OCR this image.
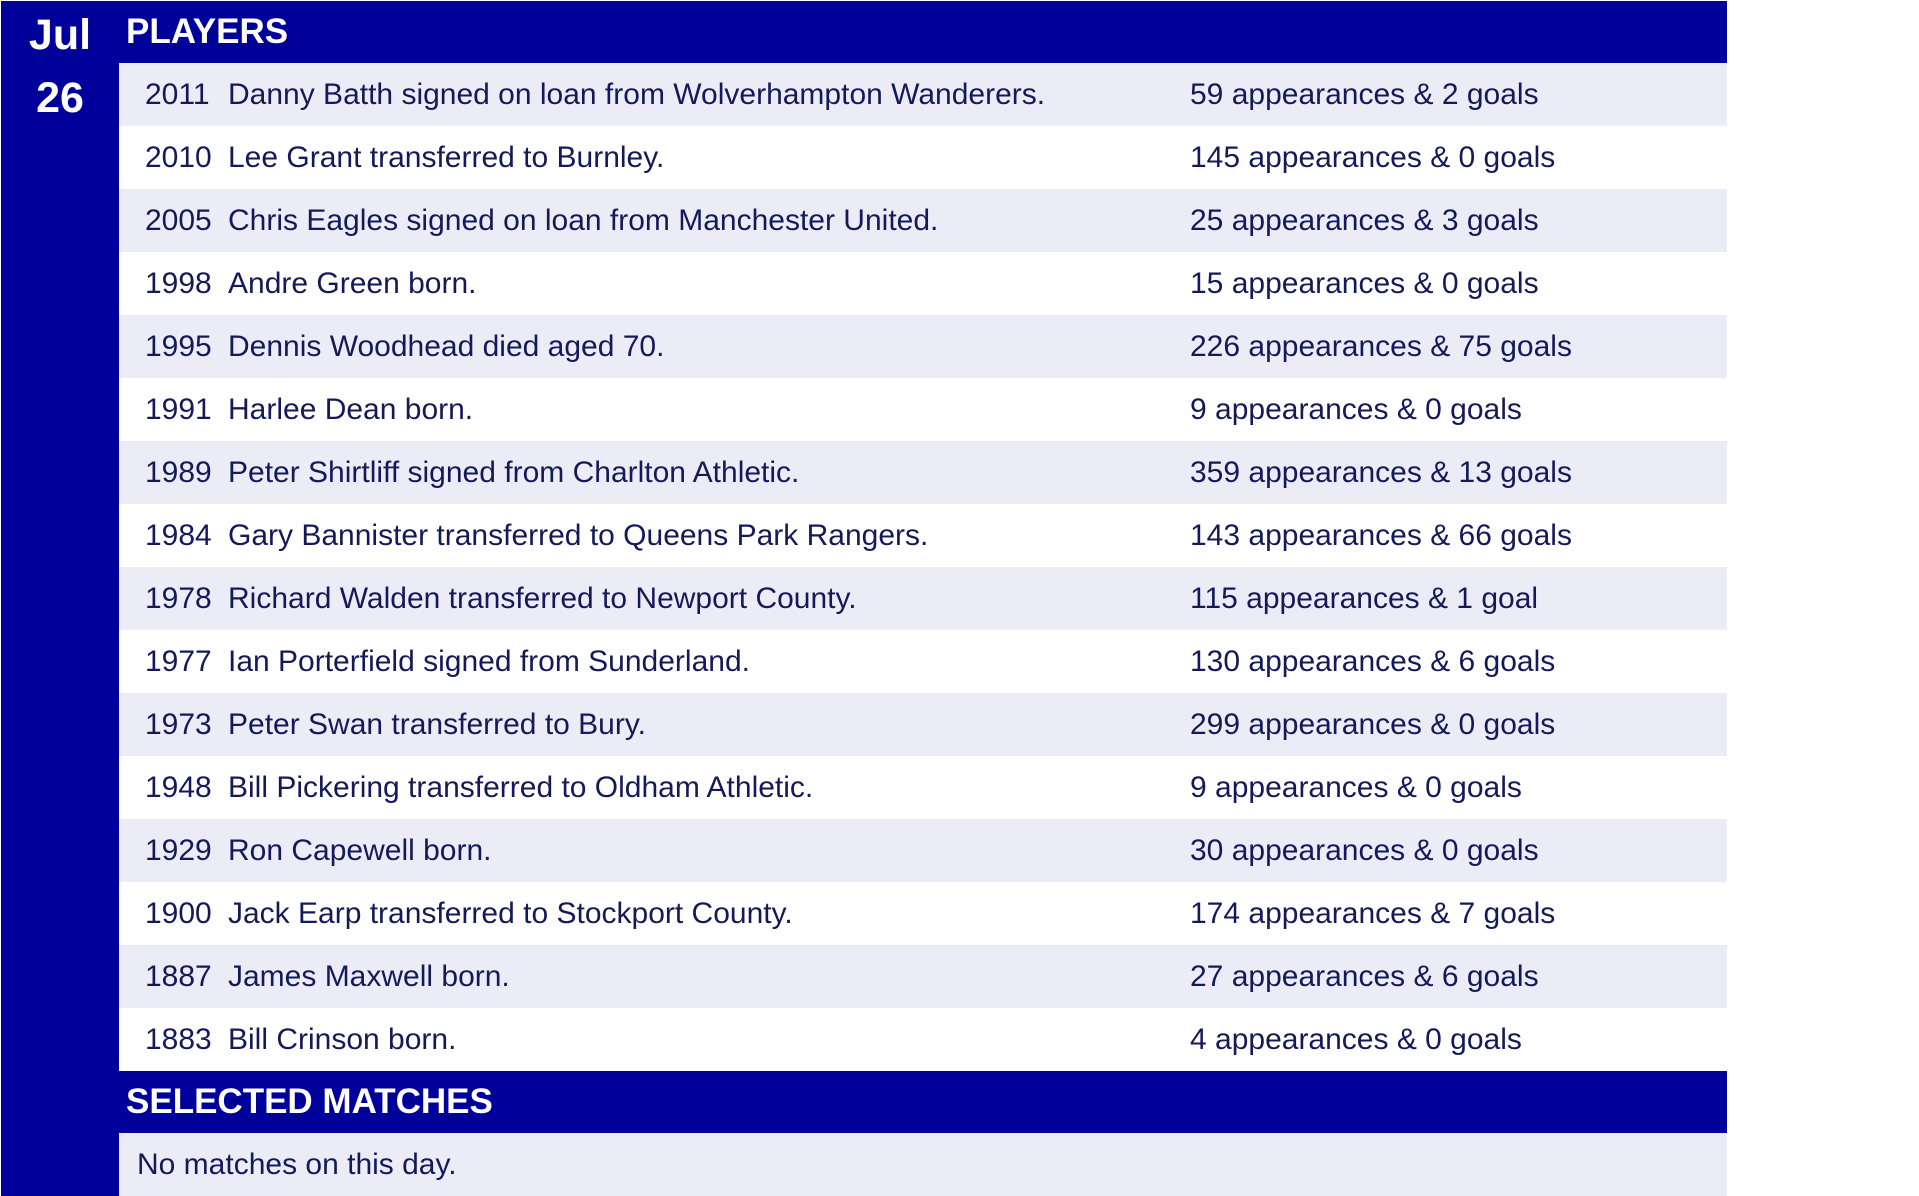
Jul
26
PLAYERS
2011 Danny Batth signed on loan from Wolverhampton Wanderers.	59 appearances & 2 goals
2010 Lee Grant transferred to Burnley.	145 appearances & 0 goals
2005 Chris Eagles signed on loan from Manchester United.	25 appearances & 3 goals
1998 Andre Green born.	15 appearances & 0 goals
1995 Dennis Woodhead died aged 70.	226 appearances & 75 goals
1991 Harlee Dean born.	9 appearances & 0 goals
1989 Peter Shirtliff signed from Charlton Athletic.	359 appearances & 13 goals
1984 Gary Bannister transferred to Queens Park Rangers.	143 appearances & 66 goals
1978 Richard Walden transferred to Newport County.	115 appearances & 1 goal
1977 Ian Porterfield signed from Sunderland.	130 appearances & 6 goals
1973 Peter Swan transferred to Bury.	299 appearances & 0 goals
1948 Bill Pickering transferred to Oldham Athletic.	9 appearances & 0 goals
1929 Ron Capewell born.	30 appearances & 0 goals
1900 Jack Earp transferred to Stockport County.	174 appearances & 7 goals
1887 James Maxwell born.	27 appearances & 6 goals
1883 Bill Crinson born.	4 appearances & 0 goals
SELECTED MATCHES
No matches on this day.
